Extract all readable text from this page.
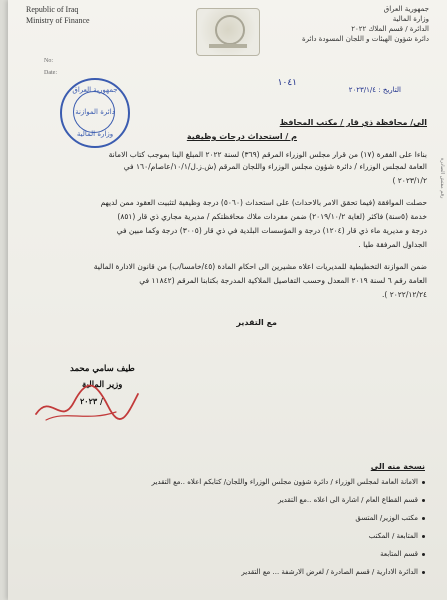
Republic of Iraq
Ministry of Finance
No:
Date:
جمهورية العراق
وزارة المالية
الدائرة / قسم الملاك ٢٠٢٢
دائرة شؤون الهيئات و اللجان المسودة دائرة
١٠٤١
التاريخ : ٢٠٢٣/١/٤
جمهورية العراق
دائرة الموازنة
وزارة المالية
الى/ محافظة ذي قار / مكتب المحافظ
م / استحداث درجات وظيفية
بناءا على الفقرة (١٧) من قرار مجلس الوزراء المرقم (٣٦٩) لسنة ٢٠٢٢ المبلغ الينا بموجب كتاب الامانة
العامة لمجلس الوزراء / دائرة شؤون مجلس الوزراء واللجان المرقم (ش.ز.ل/١٠/١/عاصام/١٦٠ في
٢٠٢٣/١/٢ )
حصلت الموافقة (فيما تحقق الامر بالاحداث) على استحداث (٥٠٦٠) درجة وظيفية لتثبيت العقود ممن لديهم
خدمة (٥سنة) فاكثر (لغاية ٢٠١٩/١٠/٢) ضمن مفردات ملاك محافظتكم / مديرية مجاري ذي قار (٨٥١)
درجة و مديرية ماء ذي قار (١٢٠٤) درجة و المؤسسات البلدية في ذي قار (٣٠٠٥) درجة وكما مبين في
الجداول المرفقة طيا .
ضمن الموازنة التخطيطية للمديريات اعلاه مشيرين الى احكام المادة (٤٥/خامسا/ب) من قانون الادارة المالية
العامة رقم ٦ لسنة ٢٠١٩ المعدل وحسب التفاصيل الملاكية المدرجة بكتابنا المرقم (١١٨٤٢ في
٢٠٢٢/١٢/٢٤ ).
مع التقدير
رقم مفتش الصادرة
طيف سامي محمد
وزير المالية
/ ٢٠٢٣
نسخة منه الى
الامانة العامة لمجلس الوزراء / دائرة شؤون مجلس الوزراء واللجان/ كتابكم اعلاه ..مع التقدير
قسم القطاع العام / اشارة الى اعلاه ..مع التقدير
مكتب الوزير/ المتسق
المتابعة / المكتب
قسم المتابعة
الدائرة الادارية / قسم الصادرة / لغرض الارشفة ... مع التقدير
